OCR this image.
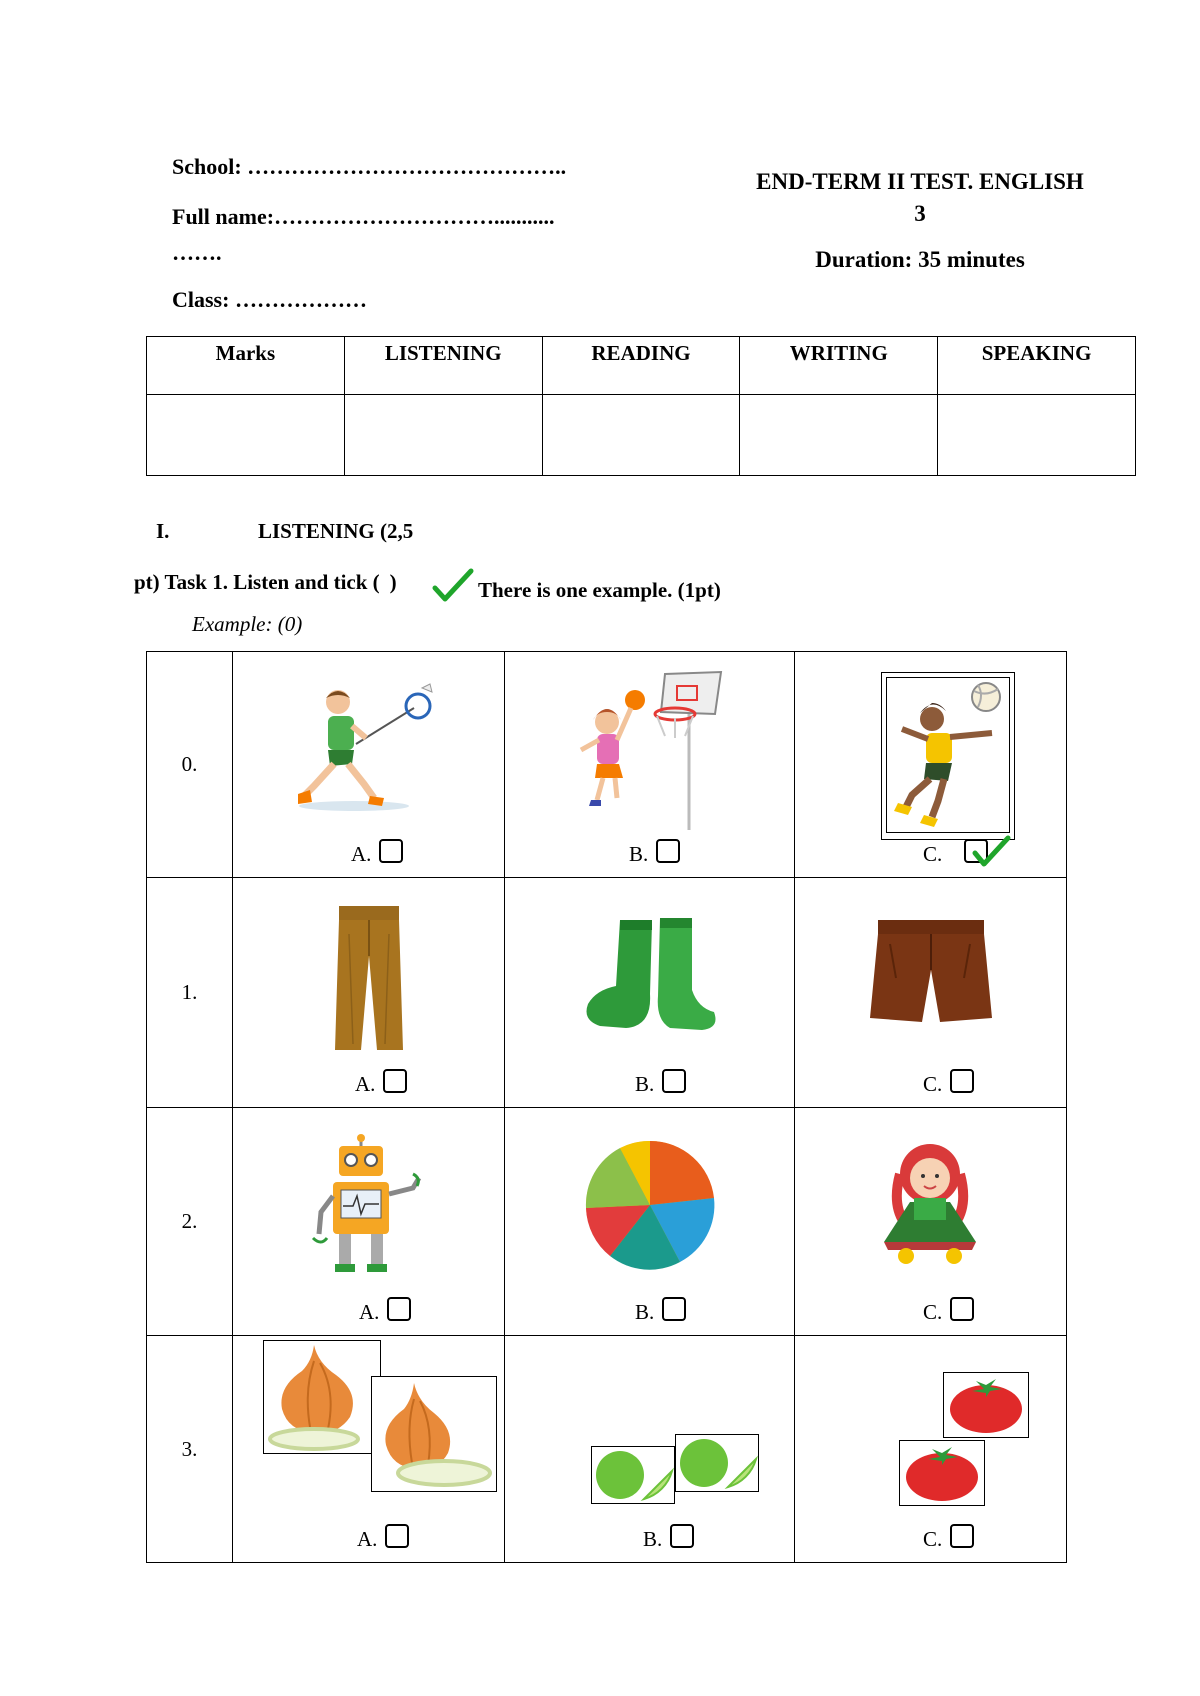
School: ……………………………………..
Full name:…………………………...........
…….
Class: ………………
END-TERM II TEST. ENGLISH
3
Duration: 35 minutes
Marks	LISTENING	READING	WRITING	SPEAKING

I.	LISTENING (2,5
pt) Task 1. Listen and tick ( )	There is one example. (1pt)
Example: (0)
0.	A.	B.	C.

1.	A.	B.	C.

2.	A.	B.	C.

3.	A.	B.	C.
